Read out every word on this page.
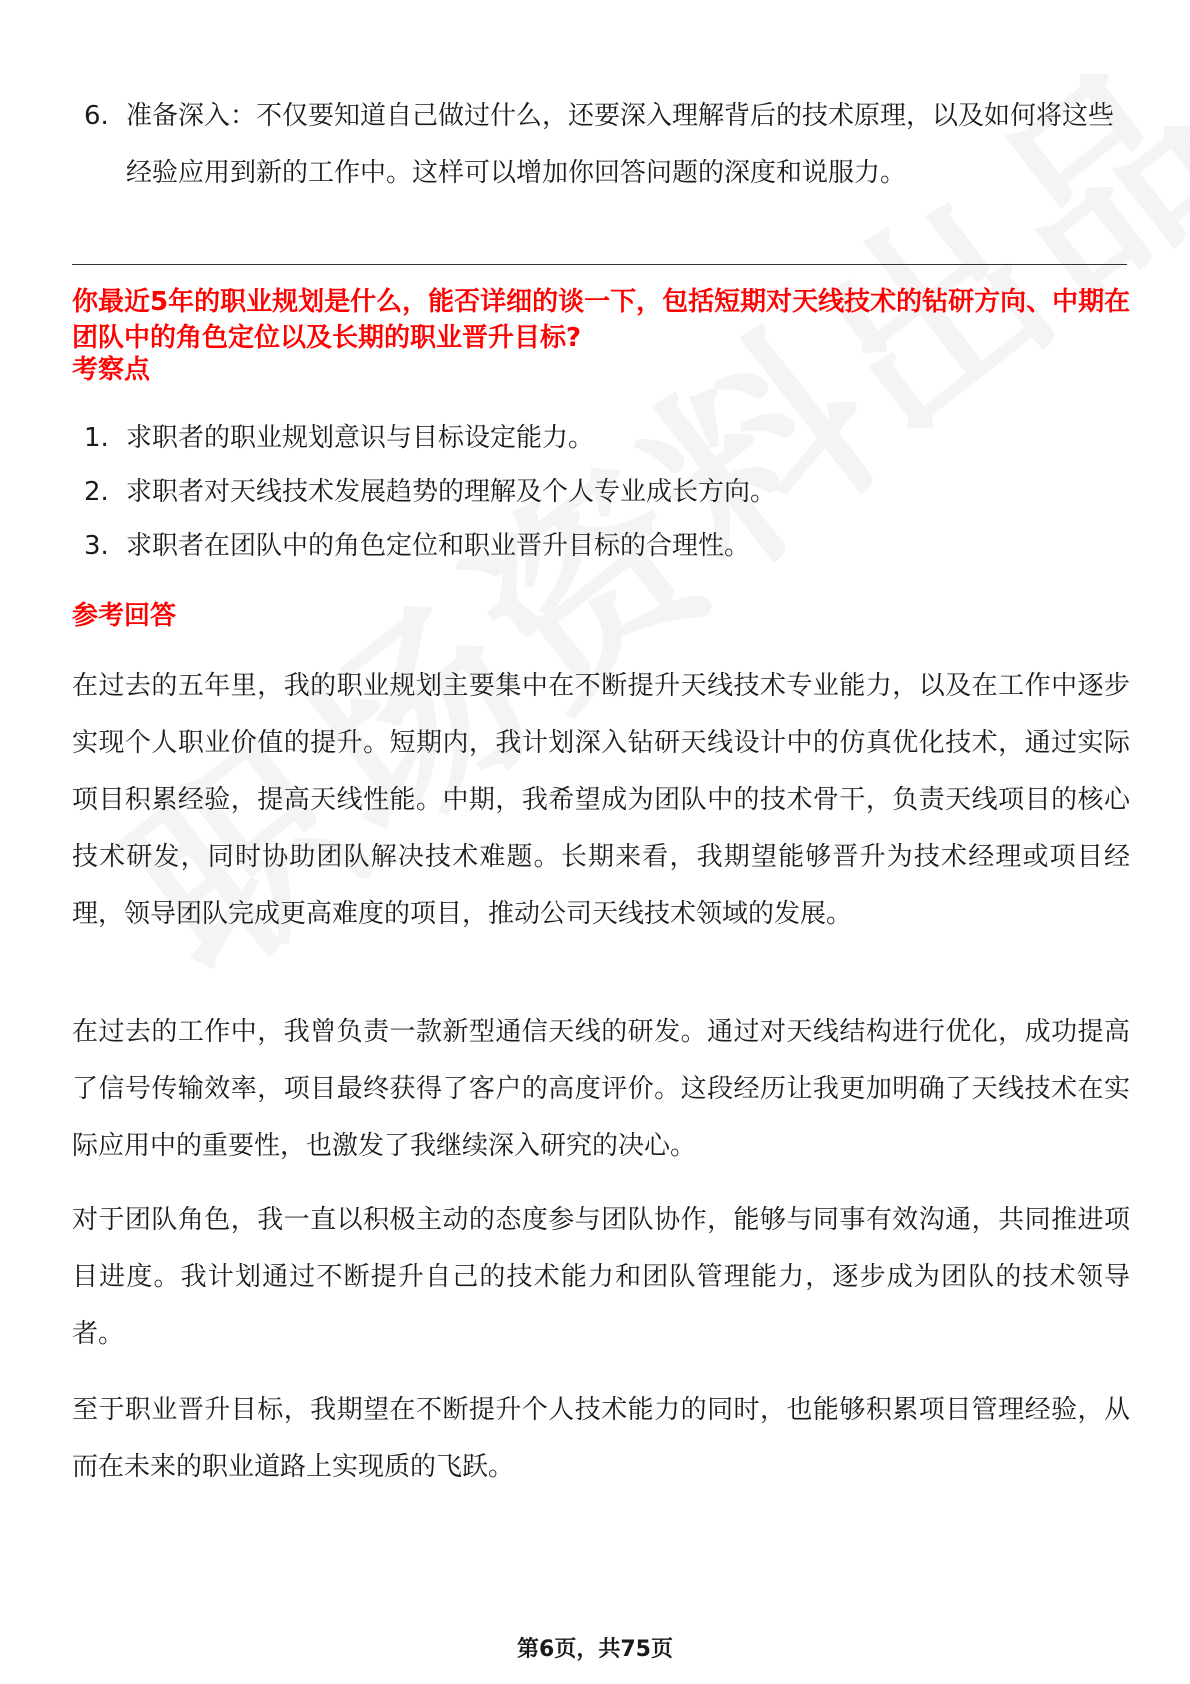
6. 准备深入：不仅要知道自己做过什么，还要深入理解背后的技术原理，以及如何将这些经验应用到新的工作中。这样可以增加你回答问题的深度和说服力。
你最近5年的职业规划是什么，能否详细的谈一下，包括短期对天线技术的钻研方向、中期在团队中的角色定位以及长期的职业晋升目标?
考察点
1. 求职者的职业规划意识与目标设定能力。
2. 求职者对天线技术发展趋势的理解及个人专业成长方向。
3. 求职者在团队中的角色定位和职业晋升目标的合理性。
参考回答
在过去的五年里，我的职业规划主要集中在不断提升天线技术专业能力，以及在工作中逐步实现个人职业价值的提升。短期内，我计划深入钻研天线设计中的仿真优化技术，通过实际项目积累经验，提高天线性能。中期，我希望成为团队中的技术骨干，负责天线项目的核心技术研发，同时协助团队解决技术难题。长期来看，我期望能够晋升为技术经理或项目经理，领导团队完成更高难度的项目，推动公司天线技术领域的发展。
在过去的工作中，我曾负责一款新型通信天线的研发。通过对天线结构进行优化，成功提高了信号传输效率，项目最终获得了客户的高度评价。这段经历让我更加明确了天线技术在实际应用中的重要性，也激发了我继续深入研究的决心。
对于团队角色，我一直以积极主动的态度参与团队协作，能够与同事有效沟通，共同推进项目进度。我计划通过不断提升自己的技术能力和团队管理能力，逐步成为团队的技术领导者。
至于职业晋升目标，我期望在不断提升个人技术能力的同时，也能够积累项目管理经验，从而在未来的职业道路上实现质的飞跃。
第6页，共75页
